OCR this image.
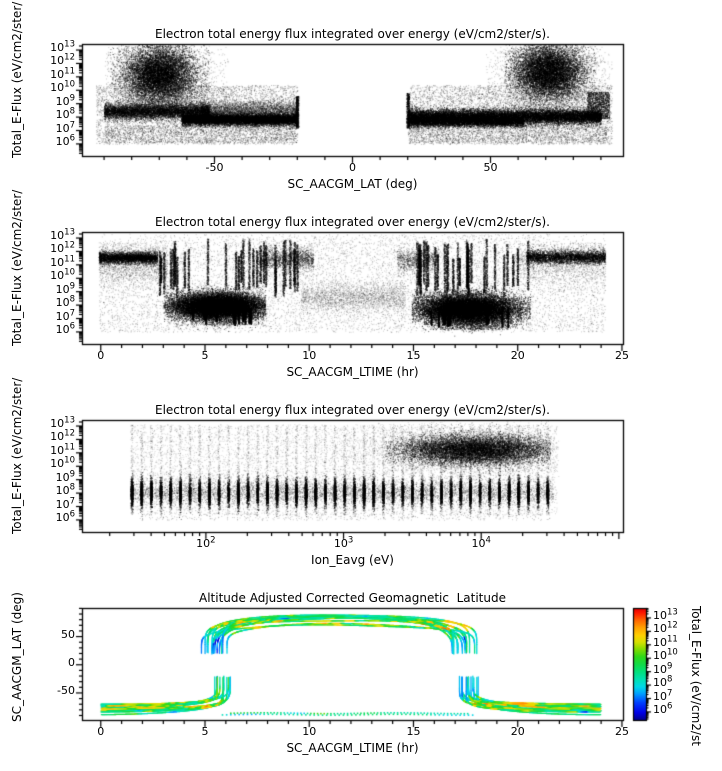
$10^6$
$10^7$
$10^8$
$10^9$
$10^{10}$
$10^{11}$
$10^{12}$
$10^{13}$
-50	0	50
$10^6$
$10^7$
$10^8$
$10^9$
$10^{10}$
$10^{11}$
$10^{12}$
$10^{13}$
0	5	10	15	20	25
$10^6$
$10^7$
$10^8$
$10^9$
$10^{10}$
$10^{11}$
$10^{12}$
$10^{13}$
$10^2$	$10^3$	$10^4$
$10^6$
$10^7$
$10^8$
$10^9$
$10^{10}$
$10^{11}$
$10^{12}$
$10^{13}$
0	5	10	15	20	25
50
0
-50
Electron total energy flux integrated over energy (eV/cm2/ster/s).
Electron total energy flux integrated over energy (eV/cm2/ster/s).
Electron total energy flux integrated over energy (eV/cm2/ster/s).
Altitude Adjusted Corrected Geomagnetic  Latitude
SC_AACGM_LAT (deg)
SC_AACGM_LTIME (hr)
Ion_Eavg (eV)
SC_AACGM_LTIME (hr)
Total_E-Flux (eV/cm2/ster/
Total_E-Flux (eV/cm2/ster/
Total_E-Flux (eV/cm2/ster/
SC_AACGM_LAT (deg)	Total_E-Flux (eV/cm2/st
